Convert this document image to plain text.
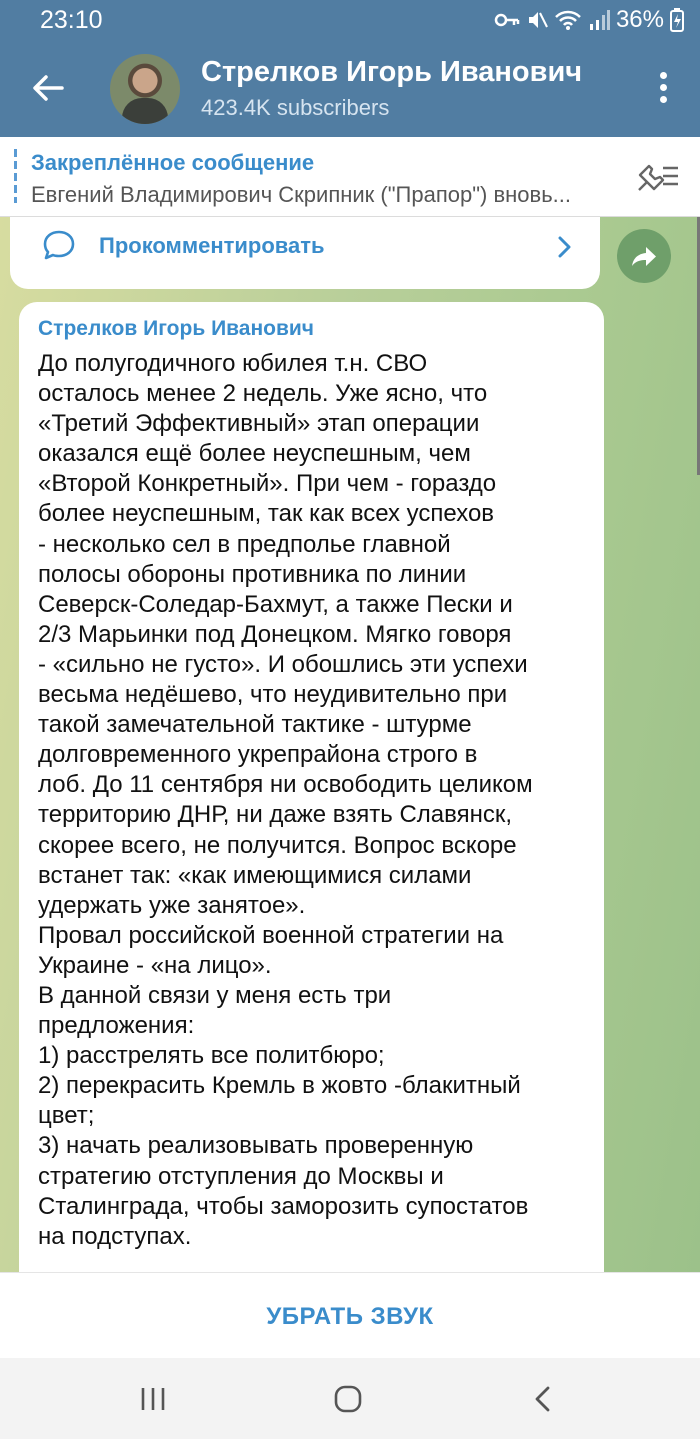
23:10	36%
Стрелков Игорь Иванович
423.4K subscribers
Закреплённое сообщение
Евгений Владимирович Скрипник ("Прапор") вновь...
Прокомментировать
Стрелков Игорь Иванович
До полугодичного юбилея т.н. СВО
осталось менее 2 недель. Уже ясно, что
«Третий Эффективный» этап операции
оказался ещё более неуспешным, чем
«Второй Конкретный». При чем - гораздо
более неуспешным, так как всех успехов
- несколько сел в предполье главной
полосы обороны противника по линии
Северск-Соледар-Бахмут, а также Пески и
2/3 Марьинки под Донецком. Мягко говоря
- «сильно не густо». И обошлись эти успехи
весьма недёшево, что неудивительно при
такой замечательной тактике - штурме
долговременного укрепрайона строго в
лоб. До 11 сентября ни освободить целиком
территорию ДНР, ни даже взять Славянск,
скорее всего, не получится. Вопрос вскоре
встанет так: «как имеющимися силами
удержать уже занятое».
Провал российской военной стратегии на
Украине - «на лицо».
В данной связи у меня есть три
предложения:
1) расстрелять все политбюро;
2) перекрасить Кремль в жовто -блакитный
цвет;
3) начать реализовывать проверенную
стратегию отступления до Москвы и
Сталинграда, чтобы заморозить супостатов
на подступах.
УБРАТЬ ЗВУК
